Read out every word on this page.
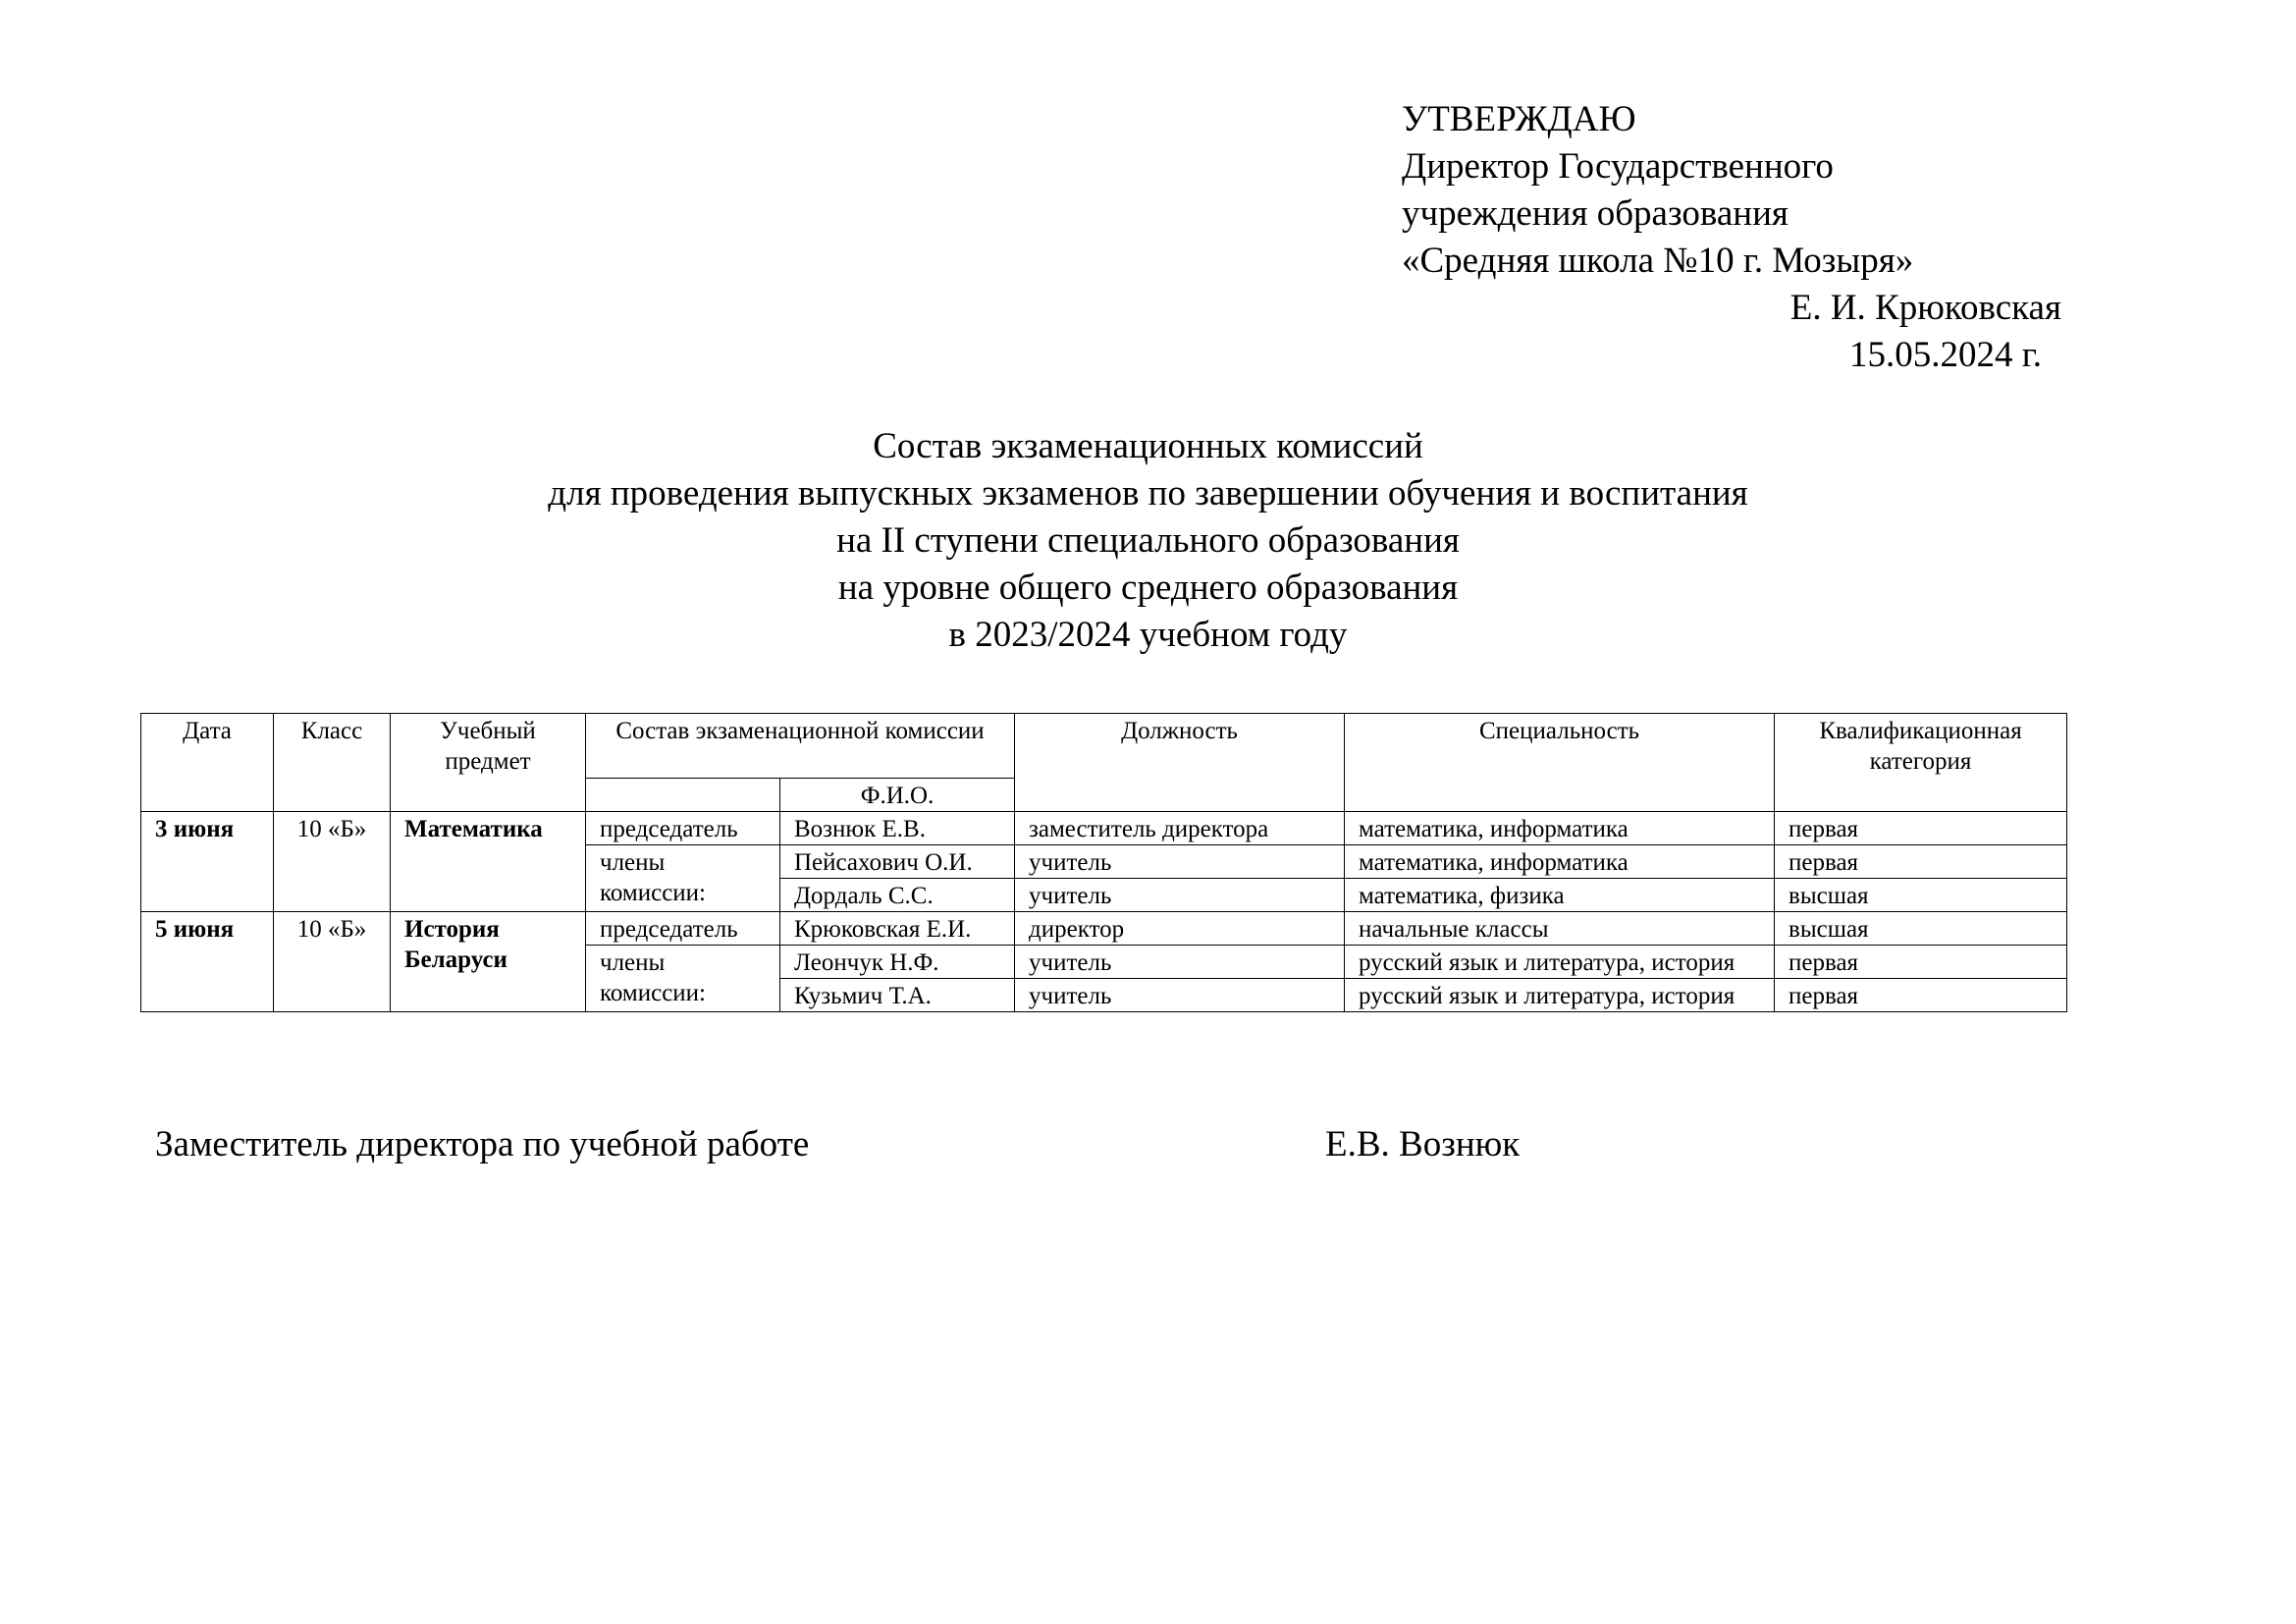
УТВЕРЖДАЮ
Директор Государственного
учреждения образования
«Средняя школа №10 г. Мозыря»
Е. И. Крюковская
15.05.2024 г.
Состав экзаменационных комиссий
для проведения выпускных экзаменов по завершении обучения и воспитания
на II ступени специального образования
на уровне общего среднего образования
в 2023/2024 учебном году
Дата	Класс	Учебный предмет	Состав экзаменационной комиссии		Должность	Специальность	Квалификационная категория
				Ф.И.О.			
3 июня	10 «Б»	Математика	председатель	Вознюк Е.В.	заместитель директора	математика, информатика	первая
			члены комиссии:	Пейсахович О.И.	учитель	математика, информатика	первая
				Дордаль С.С.	учитель	математика, физика	высшая
5 июня	10 «Б»	История Беларуси	председатель	Крюковская Е.И.	директор	начальные классы	высшая
			члены комиссии:	Леончук Н.Ф.	учитель	русский язык и литература, история	первая
				Кузьмич Т.А.	учитель	русский язык и литература, история	первая
Заместитель директора по учебной работе	Е.В. Вознюк
